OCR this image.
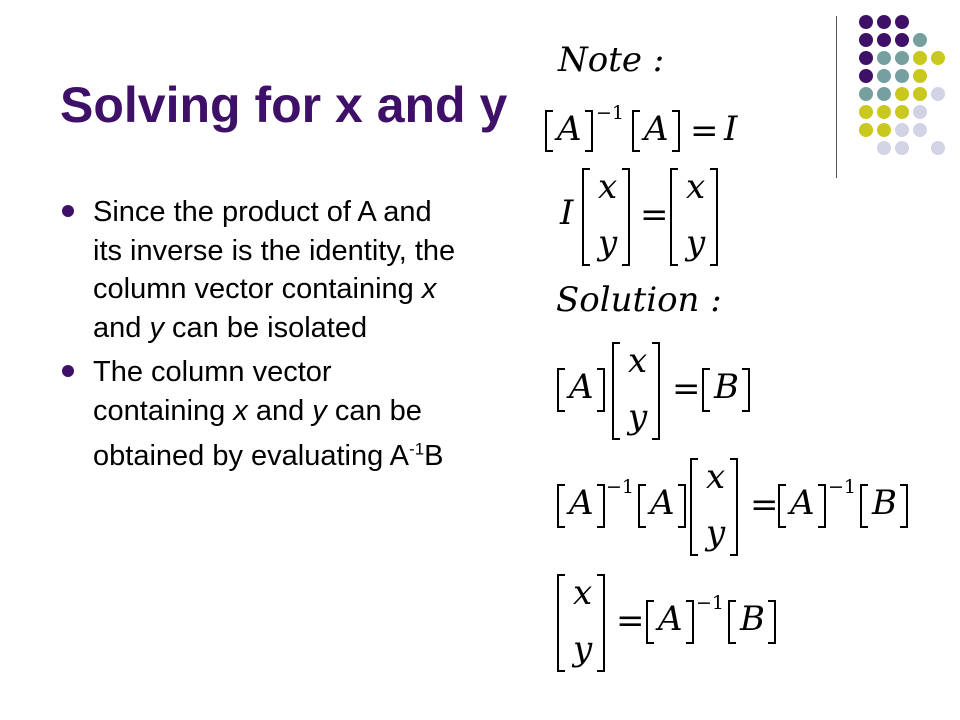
Solving for x and y
Since the product of A and its inverse is the identity, the column vector containing x and y can be isolated
The column vector containing x and y can be obtained by evaluating $A^{-1}B$
Note :
A −1 A = I
I
x
y
=
x
y
Solution :
A
x
y
= B
A −1 A
x
y
= A −1 B
x
y
= A −1 B
